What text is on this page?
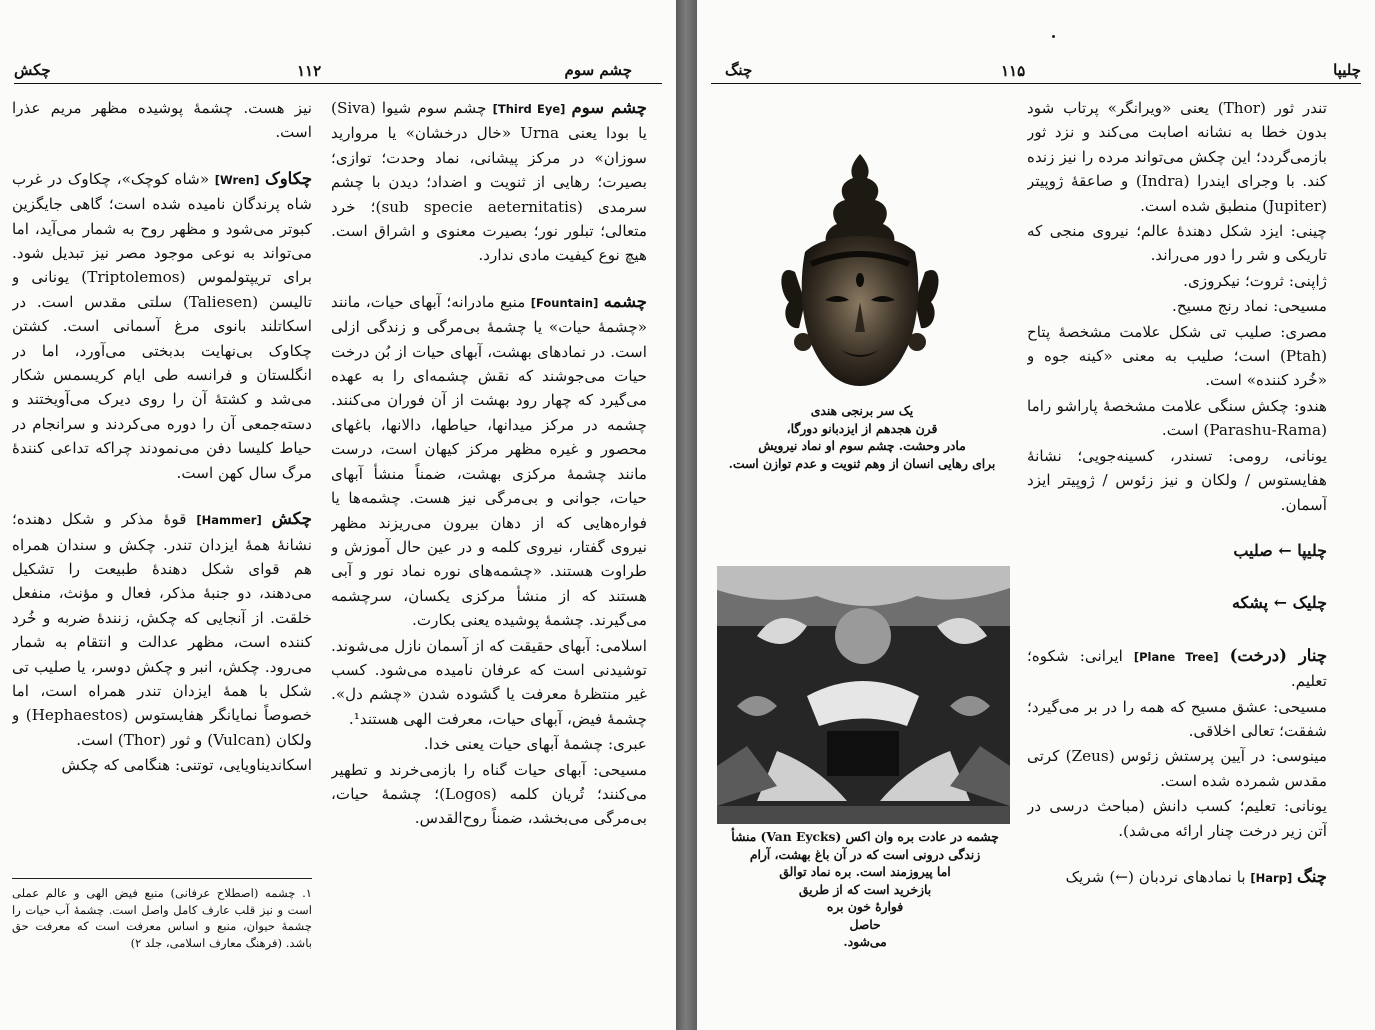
چکش	۱۱۲	چشم سوم

چشم سوم [Third Eye] چشم سوم شیوا (Siva) یا بودا یعنی Urna «خال درخشان» یا مروارید سوزان» در مرکز پیشانی، نماد وحدت؛ توازی؛ بصیرت؛ رهایی از ثنویت و اضداد؛ دیدن با چشم سرمدی (sub specie aeternitatis)؛ خرد متعالی؛ تبلور نور؛ بصیرت معنوی و اشراق است. هیچ نوع کیفیت مادی ندارد.

چشمه [Fountain] منبع مادرانه؛ آبهای حیات، مانند «چشمهٔ حیات» یا چشمهٔ بی‌مرگی و زندگی ازلی است. در نمادهای بهشت، آبهای حیات از بُن درخت حیات می‌جوشند که نقش چشمه‌ای را به عهده می‌گیرد که چهار رود بهشت از آن فوران می‌کنند. چشمه در مرکز میدانها، حیاطها، دالانها، باغهای محصور و غیره مظهر مرکز کیهان است، درست مانند چشمهٔ مرکزی بهشت، ضمناً منشأ آبهای حیات، جوانی و بی‌مرگی نیز هست. چشمه‌ها یا فواره‌هایی که از دهان بیرون می‌ریزند مظهر نیروی گفتار، نیروی کلمه و در عین حال آموزش و طراوت هستند. «چشمه‌های نوره نماد نور و آبی هستند که از منشأ مرکزی یکسان، سرچشمه می‌گیرند. چشمهٔ پوشیده یعنی بکارت.

اسلامی: آبهای حقیقت که از آسمان نازل می‌شوند. توشیدنی است که عرفان نامیده می‌شود. کسب غیر منتظرهٔ معرفت یا گشوده شدن «چشم دل». چشمهٔ فیض، آبهای حیات، معرفت الهی هستند¹.

عبری: چشمهٔ آبهای حیات یعنی خدا.

مسیحی: آبهای حیات گناه را بازمی‌خرند و تطهیر می‌کنند؛ تُریان کلمه (Logos)؛ چشمهٔ حیات، بی‌مرگی می‌بخشد، ضمناً روح‌القدس.

نیز هست. چشمهٔ پوشیده مظهر مریم عذرا است.

چکاوک [Wren] «شاه کوچک»، چکاوک در غرب شاه پرندگان نامیده شده است؛ گاهی جایگزین کبوتر می‌شود و مظهر روح به شمار می‌آید، اما می‌تواند به نوعی موجود مصر نیز تبدیل شود. برای تریپتولموس (Triptolemos) یونانی و تالیسن (Taliesen) سلتی مقدس است. در اسکاتلند بانوی مرغ آسمانی است. کشتن چکاوک بی‌نهایت بدبختی می‌آورد، اما در انگلستان و فرانسه طی ایام کریسمس شکار می‌شد و کشتهٔ آن را روی دیرک می‌آویختند و دسته‌جمعی آن را دوره می‌کردند و سرانجام در حیاط کلیسا دفن می‌نمودند چراکه تداعی کنندهٔ مرگ سال کهن است.

چکش [Hammer] قوهٔ مذکر و شکل دهنده؛ نشانهٔ همهٔ ایزدان تندر. چکش و سندان همراه هم قوای شکل دهندهٔ طبیعت را تشکیل می‌دهند، دو جنبهٔ مذکر، فعال و مؤنث، منفعل خلقت. از آنجایی که چکش، زنندهٔ ضربه و خُرد کننده است، مظهر عدالت و انتقام به شمار می‌رود. چکش، انبر و چکش دوسر، یا صلیب تی شکل با همهٔ ایزدان تندر همراه است، اما خصوصاً نمایانگر هفایستوس (Hephaestos) و ولکان (Vulcan) و ثور (Thor) است.

اسکاندیناویایی، توتنی: هنگامی که چکش

۱. چشمه (اصطلاح عرفانی) منبع فیض الهی و عالم عملی است و نیز قلب عارف کامل واصل است. چشمهٔ آب حیات را چشمهٔ حیوان، منبع و اساس معرفت است که معرفت حق باشد. (فرهنگ معارف اسلامی، جلد ۲)

چنگ	۱۱۵	چلیپا
یک سر برنجی هندی
قرن هجدهم از ایزدبانو دورگا،
مادر وحشت. چشم سوم او نماد نیرویش
برای رهایی انسان از وهم ثنویت و عدم توازن است.
چشمه در عادت بره وان اکس (Van Eycks) منشأ
زندگی درونی است که در آن باغ بهشت، آرام
اما پیروزمند است. بره نماد توالق
بازخرید است که از طریق
فوارهٔ خون بره
حاصل
می‌شود.

تندر ثور (Thor) یعنی «ویرانگر» پرتاب شود بدون خطا به نشانه اصابت می‌کند و نزد ثور بازمی‌گردد؛ این چکش می‌تواند مرده را نیز زنده کند. با وجرای ایندرا (Indra) و صاعقهٔ ژوپیتر (Jupiter) منطبق شده است.

چینی: ایزد شکل دهندهٔ عالم؛ نیروی منجی که تاریکی و شر را دور می‌راند.

ژاپنی: ثروت؛ نیکروزی.

مسیحی: نماد رنج مسیح.

مصری: صلیب تی شکل علامت مشخصهٔ پتاح (Ptah) است؛ صلیب به معنی «کینه جوه و «خُرد کننده» است.

هندو: چکش سنگی علامت مشخصهٔ پاراشو راما (Parashu-Rama) است.

یونانی، رومی: تسندر، کسینه‌جویی؛ نشانهٔ هفایستوس / ولکان و نیز زئوس / ژوپیتر ایزد آسمان.

چلیپا ← صلیب
چلیک ← پشکه

چنار (درخت) [Plane Tree] ایرانی: شکوه؛ تعلیم.

مسیحی: عشق مسیح که همه را در بر می‌گیرد؛ شفقت؛ تعالی اخلاقی.

مینوسی: در آیین پرستش زئوس (Zeus) کرتی مقدس شمرده شده است.

یونانی: تعلیم؛ کسب دانش (مباحث درسی در آتن زیر درخت چنار ارائه می‌شد).

چنگ [Harp] با نمادهای نردبان (←) شریک
